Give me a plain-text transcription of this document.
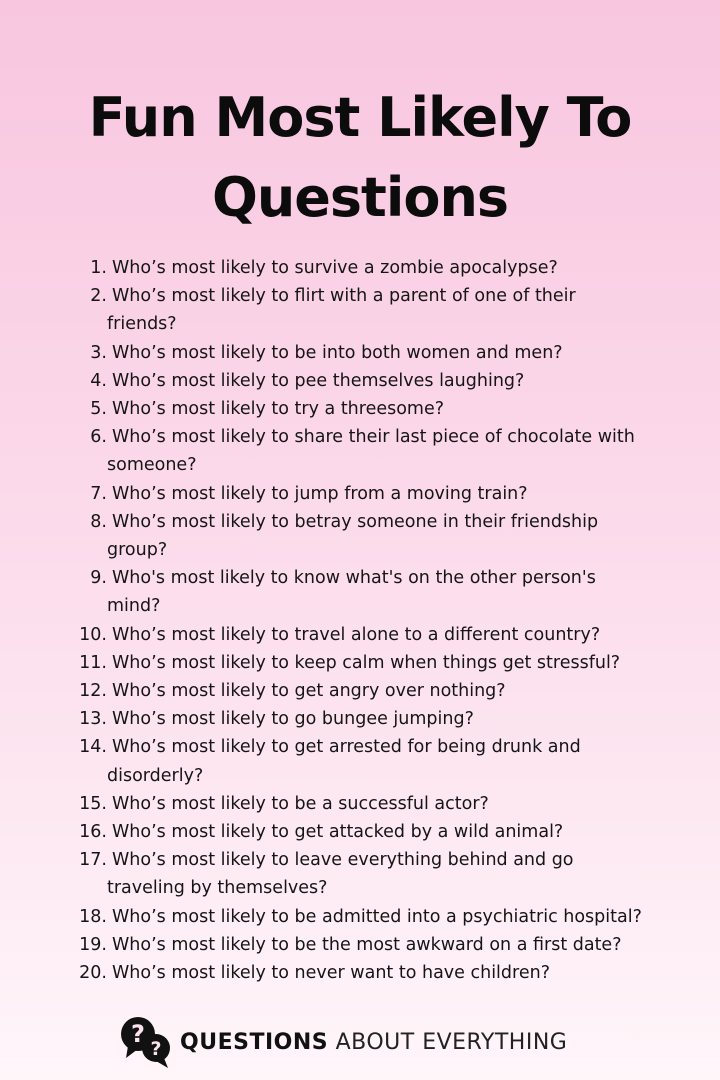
Fun Most Likely To
Questions
1. Who’s most likely to survive a zombie apocalypse?
2. Who’s most likely to flirt with a parent of one of their
friends?
3. Who’s most likely to be into both women and men?
4. Who’s most likely to pee themselves laughing?
5. Who’s most likely to try a threesome?
6. Who’s most likely to share their last piece of chocolate with
someone?
7. Who’s most likely to jump from a moving train?
8. Who’s most likely to betray someone in their friendship
group?
9. Who's most likely to know what's on the other person's
mind?
10. Who’s most likely to travel alone to a different country?
11. Who’s most likely to keep calm when things get stressful?
12. Who’s most likely to get angry over nothing?
13. Who’s most likely to go bungee jumping?
14. Who’s most likely to get arrested for being drunk and
disorderly?
15. Who’s most likely to be a successful actor?
16. Who’s most likely to get attacked by a wild animal?
17. Who’s most likely to leave everything behind and go
traveling by themselves?
18. Who’s most likely to be admitted into a psychiatric hospital?
19. Who’s most likely to be the most awkward on a first date?
20. Who’s most likely to never want to have children?
?
? QUESTIONS ABOUT EVERYTHING
